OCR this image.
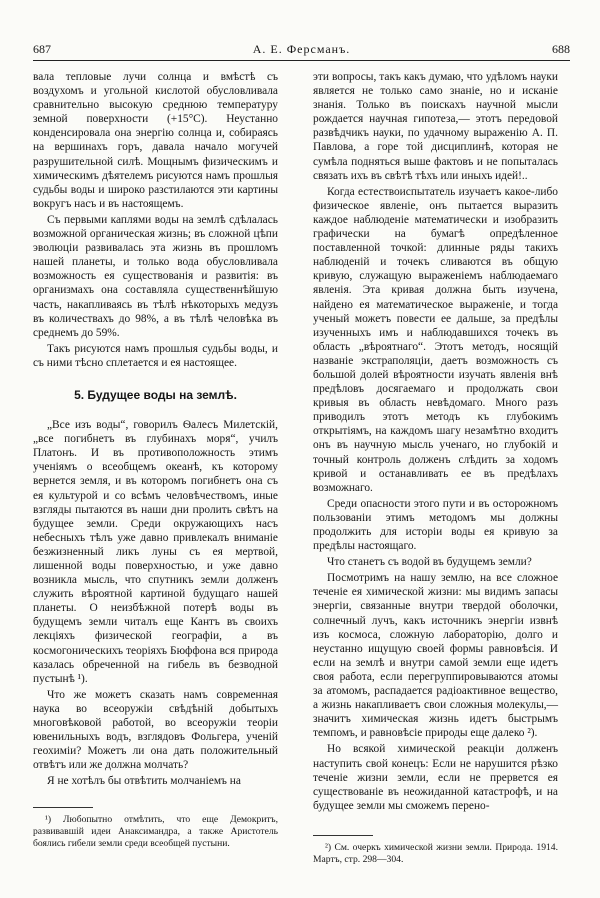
687	А. Е. Ферсманъ.	688

вала тепловые лучи солнца и вмѣстѣ съ воздухомъ и угольной кислотой обусловливала сравнительно высокую среднюю температуру земной поверхности (+15°С). Неустанно конденсировала она энергію солнца и, собираясь на вершинахъ горъ, давала начало могучей разрушительной силѣ. Мощнымъ физическимъ и химическимъ дѣятелемъ рисуются намъ прошлыя судьбы воды и широко разстилаются эти картины вокругъ насъ и въ настоящемъ.

Съ первыми каплями воды на землѣ сдѣлалась возможной органическая жизнь; въ сложной цѣпи эволюціи развивалась эта жизнь въ прошломъ нашей планеты, и только вода обусловливала возможность ея существованія и развитія: въ организмахъ она составляла существеннѣйшую часть, накапливаясь въ тѣлѣ нѣкоторыхъ медузъ въ количествахъ до 98%, а въ тѣлѣ человѣка въ среднемъ до 59%.

Такъ рисуются намъ прошлыя судьбы воды, и съ ними тѣсно сплетается и ея настоящее.

5. Будущее воды на землѣ.

„Все изъ воды“, говорилъ Ѳалесъ Милетскій, „все погибнетъ въ глубинахъ моря“, училъ Платонъ. И въ противоположность этимъ ученіямъ о всеобщемъ океанѣ, къ которому вернется земля, и въ которомъ погибнетъ она съ ея культурой и со всѣмъ человѣчествомъ, иные взгляды пытаются въ наши дни пролить свѣтъ на будущее земли. Среди окружающихъ насъ небесныхъ тѣлъ уже давно привлекалъ вниманіе безжизненный ликъ луны съ ея мертвой, лишенной воды поверхностью, и уже давно возникла мысль, что спутникъ земли долженъ служить вѣроятной картиной будущаго нашей планеты. О неизбѣжной потерѣ воды въ будущемъ земли читалъ еще Кантъ въ своихъ лекціяхъ физической географіи, а въ космогоническихъ теоріяхъ Бюффона вся природа казалась обреченной на гибель въ безводной пустынѣ ¹).

Что же можетъ сказать намъ современная наука во всеоружіи свѣдѣній добытыхъ многовѣковой работой, во всеоружіи теоріи ювенильныхъ водъ, взглядовъ Фольгера, ученій геохиміи? Можетъ ли она дать положительный отвѣтъ или же должна молчать?

Я не хотѣлъ бы отвѣтить молчаніемъ на

¹) Любопытно отмѣтить, что еще Демокритъ, развивавшій идеи Анаксимандра, а также Аристотель боялись гибели земли среди всеобщей пустыни.

эти вопросы, такъ какъ думаю, что удѣломъ науки является не только само знаніе, но и исканіе знанія. Только въ поискахъ научной мысли рождается научная гипотеза,— этотъ передовой развѣдчикъ науки, по удачному выраженію А. П. Павлова, а горе той дисциплинѣ, которая не сумѣла подняться выше фактовъ и не попыталась связать ихъ въ свѣтѣ тѣхъ или иныхъ идей!..

Когда естествоиспытатель изучаетъ какое-либо физическое явленіе, онъ пытается выразить каждое наблюденіе математически и изобразить графически на бумагѣ опредѣленное поставленной точкой: длинные ряды такихъ наблюденій и точекъ сливаются въ общую кривую, служащую выраженіемъ наблюдаемаго явленія. Эта кривая должна быть изучена, найдено ея математическое выраженіе, и тогда ученый можетъ повести ее дальше, за предѣлы изученныхъ имъ и наблюдавшихся точекъ въ область „вѣроятнаго“. Этотъ методъ, носящій названіе экстраполяціи, даетъ возможность съ большой долей вѣроятности изучать явленія внѣ предѣловъ досягаемаго и продолжать свои кривыя въ область невѣдомаго. Много разъ приводилъ этотъ методъ къ глубокимъ открытіямъ, на каждомъ шагу незамѣтно входитъ онъ въ научную мысль ученаго, но глубокій и точный контроль долженъ слѣдить за ходомъ кривой и останавливать ее въ предѣлахъ возможнаго.

Среди опасности этого пути и въ осторожномъ пользованіи этимъ методомъ мы должны продолжить для исторіи воды ея кривую за предѣлы настоящаго.

Что станетъ съ водой въ будущемъ земли?

Посмотримъ на нашу землю, на все сложное теченіе ея химической жизни: мы видимъ запасы энергіи, связанные внутри твердой оболочки, солнечный лучъ, какъ источникъ энергіи извнѣ изъ космоса, сложную лабораторію, долго и неустанно ищущую своей формы равновѣсія. И если на землѣ и внутри самой земли еще идетъ своя работа, если перегруппировываются атомы за атомомъ, распадается радіоактивное вещество, а жизнь накапливаетъ свои сложныя молекулы,—значитъ химическая жизнь идетъ быстрымъ темпомъ, и равновѣсіе природы еще далеко ²).

Но всякой химической реакціи долженъ наступить свой конецъ: Если не нарушится рѣзко теченіе жизни земли, если не прервется ея существованіе въ неожиданной катастрофѣ, и на будущее земли мы сможемъ перено-

²) См. очеркъ химической жизни земли. Природа. 1914. Мартъ, стр. 298—304.
